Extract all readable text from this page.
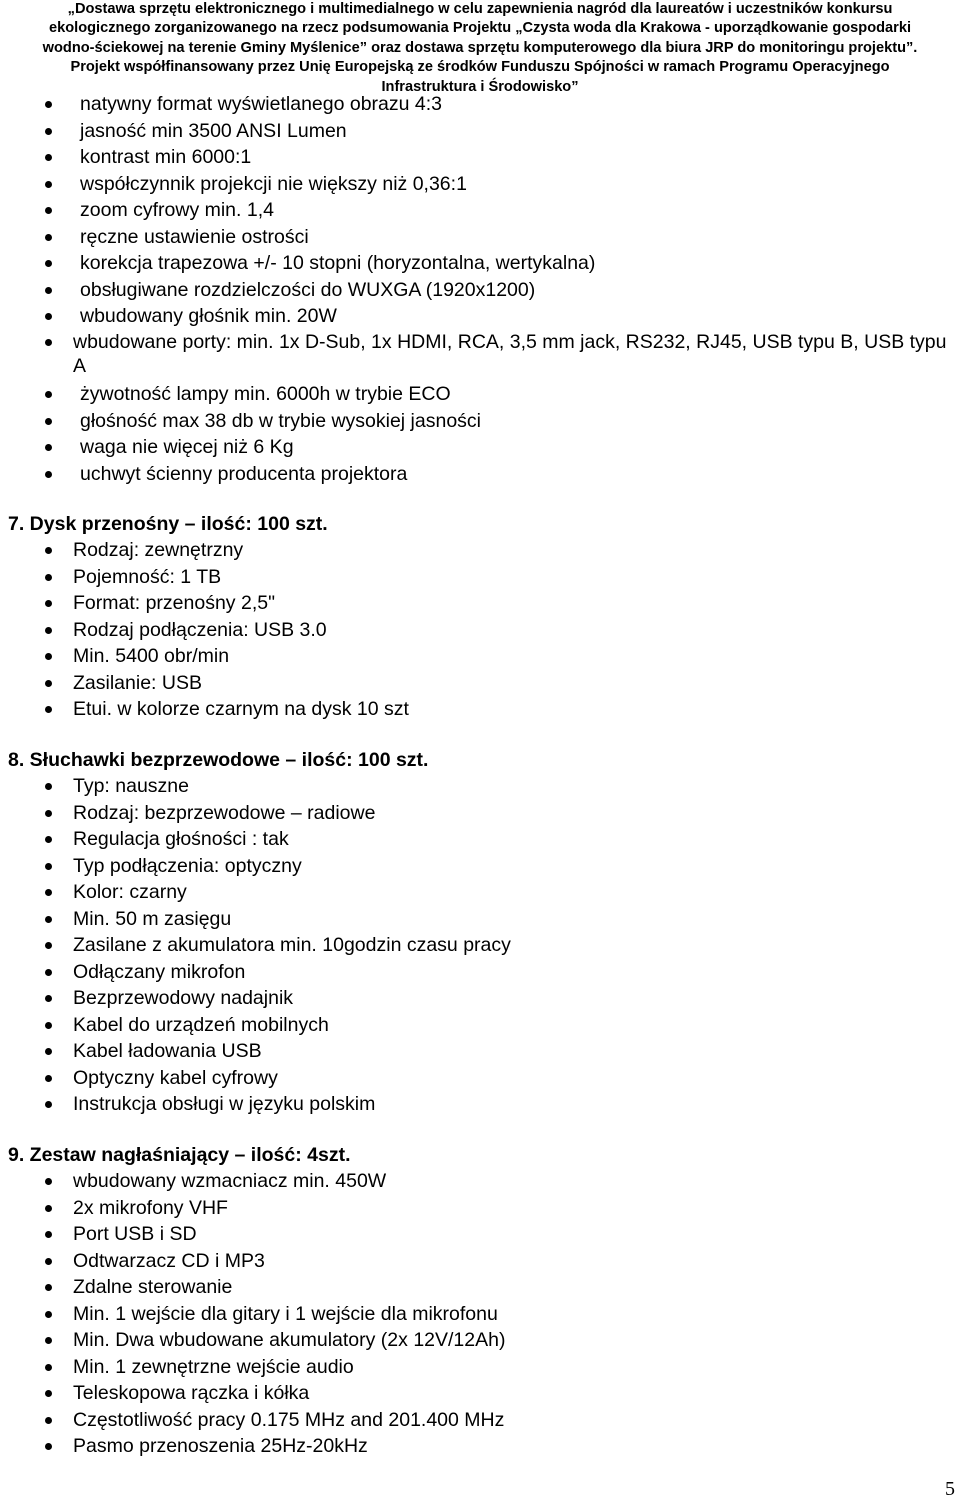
„Dostawa sprzętu elektronicznego i multimedialnego w celu zapewnienia nagród dla laureatów i uczestników konkursu
ekologicznego zorganizowanego na rzecz podsumowania Projektu „Czysta woda dla Krakowa - uporządkowanie gospodarki
wodno-ściekowej na terenie Gminy Myślenice” oraz dostawa sprzętu komputerowego dla biura JRP do monitoringu projektu”.
Projekt współfinansowany przez Unię Europejską ze środków Funduszu Spójności w ramach Programu Operacyjnego
Infrastruktura i Środowisko”
natywny format wyświetlanego obrazu 4:3
jasność min 3500 ANSI Lumen
kontrast min 6000:1
współczynnik projekcji nie większy niż 0,36:1
zoom cyfrowy min. 1,4
ręczne ustawienie ostrości
korekcja trapezowa +/- 10 stopni (horyzontalna, wertykalna)
obsługiwane rozdzielczości do WUXGA (1920x1200)
wbudowany głośnik min. 20W
wbudowane porty: min. 1x D-Sub, 1x HDMI, RCA, 3,5 mm jack, RS232, RJ45, USB typu B, USB typu A
żywotność lampy min. 6000h w trybie ECO
głośność max 38 db w trybie wysokiej jasności
waga nie więcej niż 6 Kg
uchwyt ścienny producenta projektora
7. Dysk przenośny – ilość: 100 szt.
Rodzaj: zewnętrzny
Pojemność: 1 TB
Format: przenośny 2,5"
Rodzaj podłączenia: USB 3.0
Min. 5400 obr/min
Zasilanie: USB
Etui. w kolorze czarnym na dysk 10 szt
8. Słuchawki bezprzewodowe – ilość: 100 szt.
Typ: nauszne
Rodzaj: bezprzewodowe – radiowe
Regulacja głośności : tak
Typ podłączenia: optyczny
Kolor: czarny
Min. 50 m zasięgu
Zasilane z akumulatora min. 10godzin czasu pracy
Odłączany mikrofon
Bezprzewodowy nadajnik
Kabel do urządzeń mobilnych
Kabel ładowania USB
Optyczny kabel cyfrowy
Instrukcja obsługi w języku polskim
9. Zestaw nagłaśniający – ilość: 4szt.
wbudowany wzmacniacz min. 450W
2x mikrofony VHF
Port USB i SD
Odtwarzacz CD i MP3
Zdalne sterowanie
Min. 1 wejście dla gitary i 1 wejście dla mikrofonu
Min. Dwa wbudowane akumulatory (2x 12V/12Ah)
Min. 1 zewnętrzne wejście audio
Teleskopowa rączka i kółka
Częstotliwość pracy 0.175 MHz and 201.400 MHz
Pasmo przenoszenia 25Hz-20kHz
5
